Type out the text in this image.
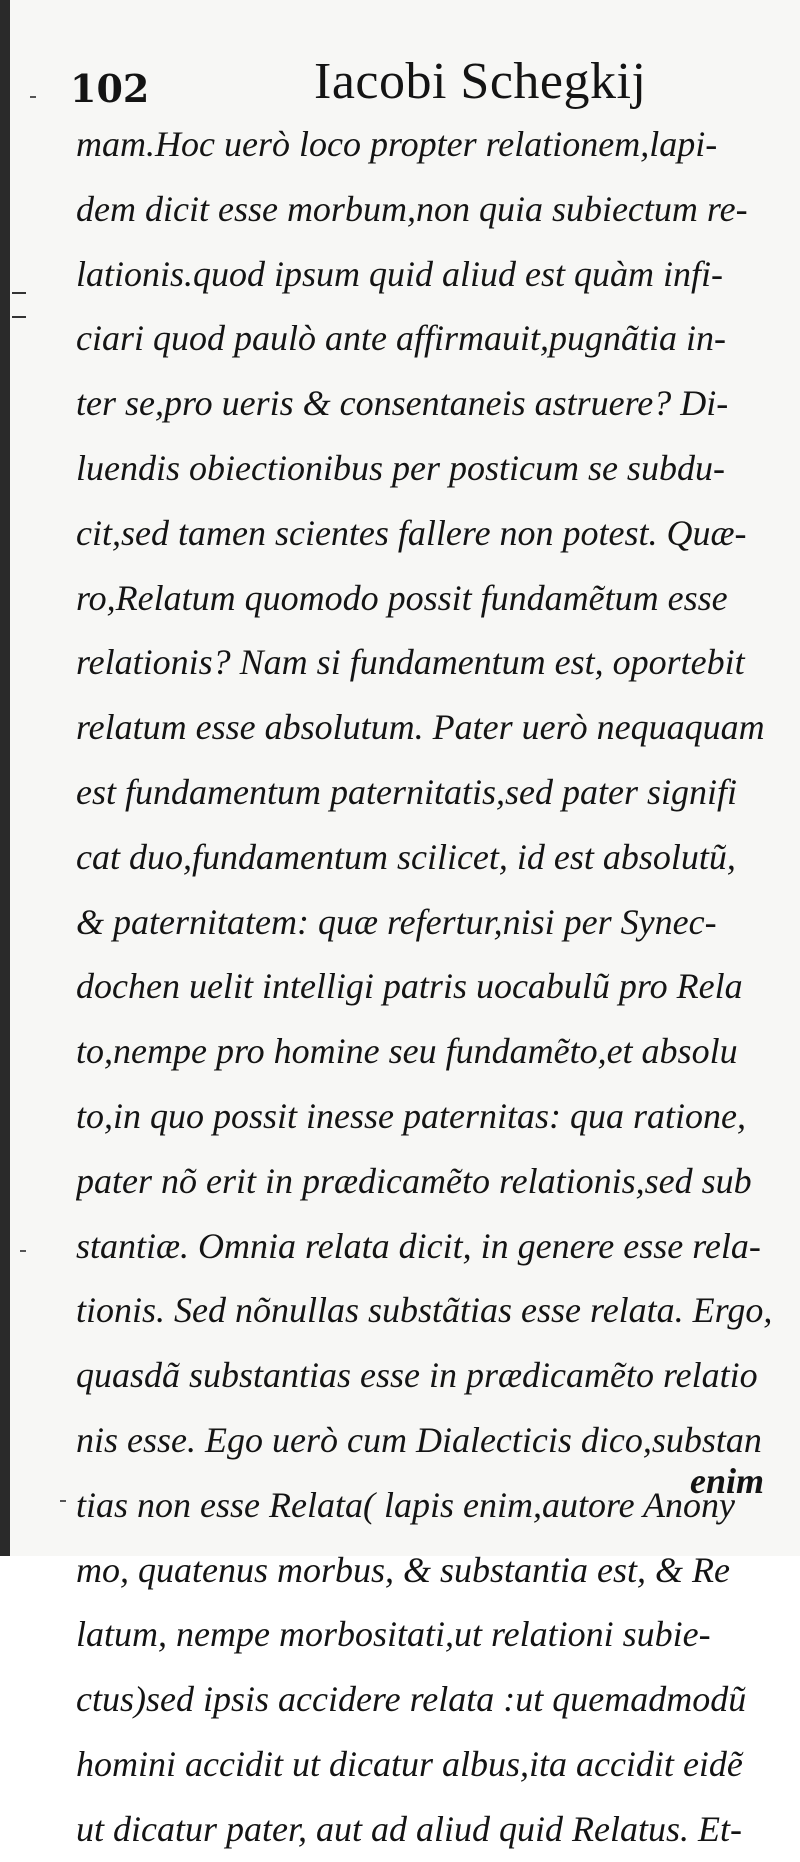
102	Iacobi Schegkij
mam.Hoc uerò loco propter relationem,lapi-
dem dicit esse morbum,non quia subiectum re-
lationis.quod ipsum quid aliud est quàm infi-
ciari quod paulò ante affirmauit,pugnãtia in-
ter se,pro ueris & consentaneis astruere? Di-
luendis obiectionibus per posticum se subdu-
cit,sed tamen scientes fallere non potest. Quæ-
ro,Relatum quomodo possit fundamẽtum esse
relationis? Nam si fundamentum est, oportebit
relatum esse absolutum. Pater uerò nequaquam
est fundamentum paternitatis,sed pater signifi
cat duo,fundamentum scilicet, id est absolutũ,
& paternitatem: quæ refertur,nisi per Synec-
dochen uelit intelligi patris uocabulũ pro Rela
to,nempe pro homine seu fundamẽto,et absolu
to,in quo possit inesse paternitas: qua ratione,
pater nõ erit in prædicamẽto relationis,sed sub
stantiæ. Omnia relata dicit, in genere esse rela-
tionis. Sed nõnullas substãtias esse relata. Ergo,
quasdã substantias esse in prædicamẽto relatio
nis esse. Ego uerò cum Dialecticis dico,substan
tias non esse Relata( lapis enim,autore Anony
mo, quatenus morbus, & substantia est, & Re
latum, nempe morbositati,ut relationi subie-
ctus)sed ipsis accidere relata :ut quemadmodũ
homini accidit ut dicatur albus,ita accidit eidẽ
ut dicatur pater, aut ad aliud quid Relatus. Et-
enim
